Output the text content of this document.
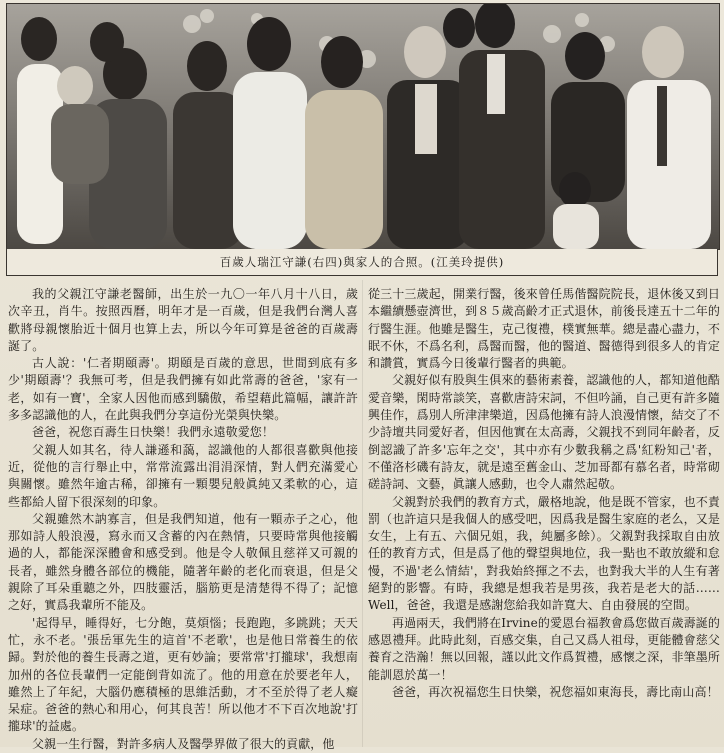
百歲人瑞江守謙(右四)與家人的合照。(江美玲提供)

我的父親江守謙老醫師，出生於一九〇一年八月十八日，歲次辛丑，肖牛。按照西曆，明年才是一百歲，但是我們台灣人喜歡將母親懷胎近十個月也算上去，所以今年可算是爸爸的百歲壽誕了。

古人說：'仁者期頤壽'。期頤是百歲的意思，世間到底有多少'期頤壽'？我無可考，但是我們擁有如此常壽的爸爸，'家有一老，如有一寶'，全家人因他而感到驕傲，希望藉此篇幅，讓許許多多認識他的人，在此與我們分享這份光榮與快樂。

爸爸，祝您百壽生日快樂！我們永遠敬愛您！

父親人如其名，待人謙遜和藹，認識他的人都很喜歡與他接近，從他的言行舉止中，常常流露出涓涓深情，對人們充滿愛心與關懷。雖然年逾古稀，卻擁有一顆嬰兒般眞純又柔軟的心，這些都給人留下很深刻的印象。

父親雖然木訥寡言，但是我們知道，他有一顆赤子之心，他那如詩人般浪漫，寫永而又含蓄的內在熱情，只要時常與他接觸過的人，都能深深體會和感受到。他是令人敬佩且慈祥又可親的長者，雖然身體各部位的機能，隨著年齡的老化而衰退，但是父親除了耳朵重聽之外，四肢靈活，腦筋更是清楚得不得了；記憶之好，實爲我輩所不能及。

'起得早，睡得好，七分飽，莫煩惱；長跑跑，多跳跳；天天忙，永不老。'張岳軍先生的這首'不老歌'，也是他日常養生的依歸。對於他的養生長壽之道，更有妙論；要常常'打攏球'，我想南加州的各位長輩們一定能倒背如流了。他的用意在於要老年人，雖然上了年紀，大腦仍應積極的思維活動，才不至於得了老人癡呆症。爸爸的熱心和用心，何其良苦！所以他才不下百次地說'打攏球'的益處。

父親一生行醫，對許多病人及醫學界做了很大的貢獻，他

從三十三歲起，開業行醫，後來曾任馬偕醫院院長，退休後又到日本繼續懸壺濟世，到８５歲高齡才正式退休，前後長達五十二年的行醫生涯。他雖是醫生，克己復禮，樸實無華。總是盡心盡力，不眠不休，不爲名利，爲醫而醫，他的醫道、醫德得到很多人的肯定和讚賞，實爲今日後輩行醫者的典範。

父親好似有股與生俱來的藝術素養，認識他的人，都知道他酷愛音樂，閑時常談笑，喜歡唐詩宋詞，不但吟誦，自己更有許多隨興佳作，爲別人所津津樂道，因爲他擁有詩人浪漫情懷，結交了不少詩壇共同愛好者，但因他實在太高壽，父親找不到同年齡者，反倒認識了許多'忘年之交'，其中亦有少數我稱之爲'紅粉知己'者，不僅洛杉磯有詩友，就是遠至舊金山、芝加哥都有慕名者，時常砌磋詩詞、文藝，眞讓人感動，也令人肅然起敬。

父親對於我們的教育方式，嚴格地說，他是既不管家，也不責罰（也許這只是我個人的感受吧，因爲我是醫生家庭的老么，又是女生，上有五、六個兄姐，我，純屬多餘）。父親對我採取自由放任的教育方式，但是爲了他的聲望與地位，我一點也不敢放縱和怠慢，不過'老么情結'，對我始終揮之不去，也對我大半的人生有著絕對的影響。有時，我總是想我若是男孩，我若是老大的話……Well，爸爸，我還是感謝您給我如許寬大、自由發展的空間。

再過兩天，我們將在Irvine的愛恩台福教會爲您做百歲壽誕的感恩禮拜。此時此刻，百感交集，自己又爲人祖母，更能體會慈父養育之浩瀚！無以回報，謹以此文作爲賀禮，感懷之深，非筆墨所能訓恩於萬一！

爸爸，再次祝福您生日快樂，祝您福如東海長，壽比南山高！
